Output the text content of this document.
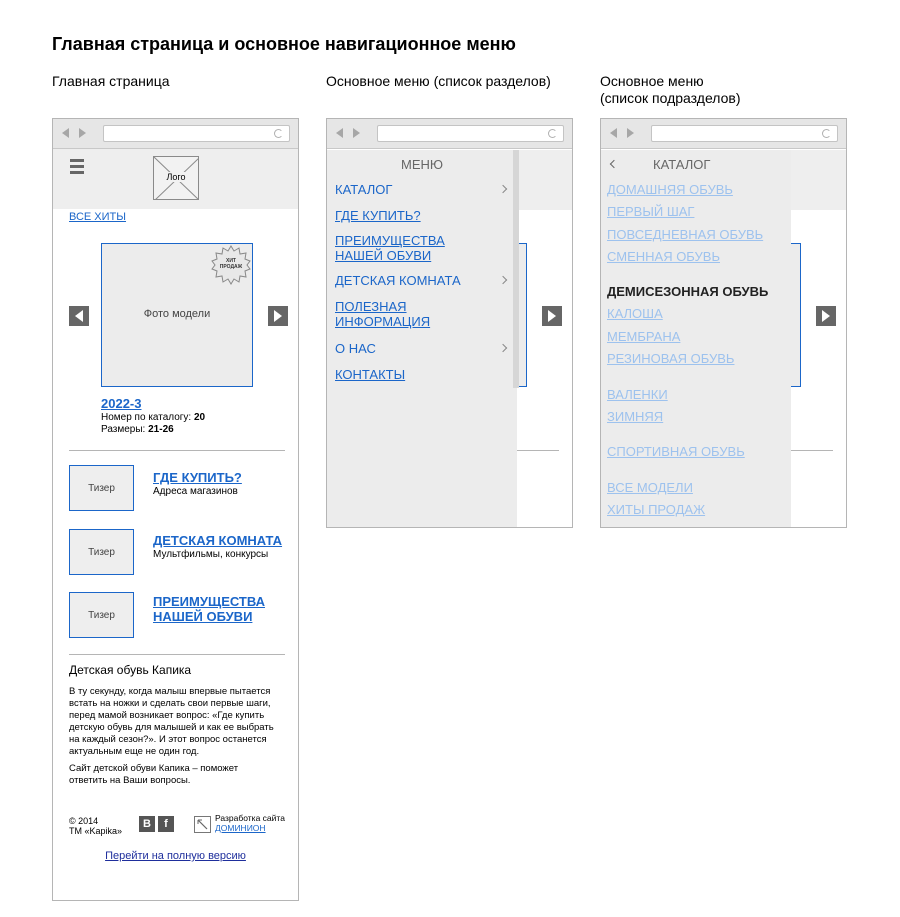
Главная страница и основное навигационное меню
Главная страница	Основное меню (список разделов)	Основное меню
(список подразделов)
Лого
ВСЕ ХИТЫ
Фото модели
ХИТ
ПРОДАЖ
2022-3
Номер по каталогу: 20
Размеры: 21-26
Тизер
ГДЕ КУПИТЬ?
Адреса магазинов
Тизер
ДЕТСКАЯ КОМНАТА
Мультфильмы, конкурсы
Тизер
ПРЕИМУЩЕСТВА
НАШЕЙ ОБУВИ
Детская обувь Капика
В ту секунду, когда малыш впервые пытается
встать на ножки и сделать свои первые шаги,
перед мамой возникает вопрос: «Где купить
детскую обувь для малышей и как ее выбрать
на каждый сезон?». И этот вопрос останется
актуальным еще не один год.
Сайт детской обуви Капика – поможет
ответить на Ваши вопросы.
© 2014
ТМ «Kapika»
В	f	Разработка сайта
ДОМИНИОН
Перейти на полную версию
МЕНЮ
КАТАЛОГ
ГДЕ КУПИТЬ?
ПРЕИМУЩЕСТВА
НАШЕЙ ОБУВИ
ДЕТСКАЯ КОМНАТА
ПОЛЕЗНАЯ
ИНФОРМАЦИЯ
О НАС
КОНТАКТЫ
КАТАЛОГ
ДОМАШНЯЯ ОБУВЬ
ПЕРВЫЙ ШАГ
ПОВСЕДНЕВНАЯ ОБУВЬ
СМЕННАЯ ОБУВЬ
ДЕМИСЕЗОННАЯ ОБУВЬ
КАЛОША
МЕМБРАНА
РЕЗИНОВАЯ ОБУВЬ
ВАЛЕНКИ
ЗИМНЯЯ
СПОРТИВНАЯ ОБУВЬ
ВСЕ МОДЕЛИ
ХИТЫ ПРОДАЖ
